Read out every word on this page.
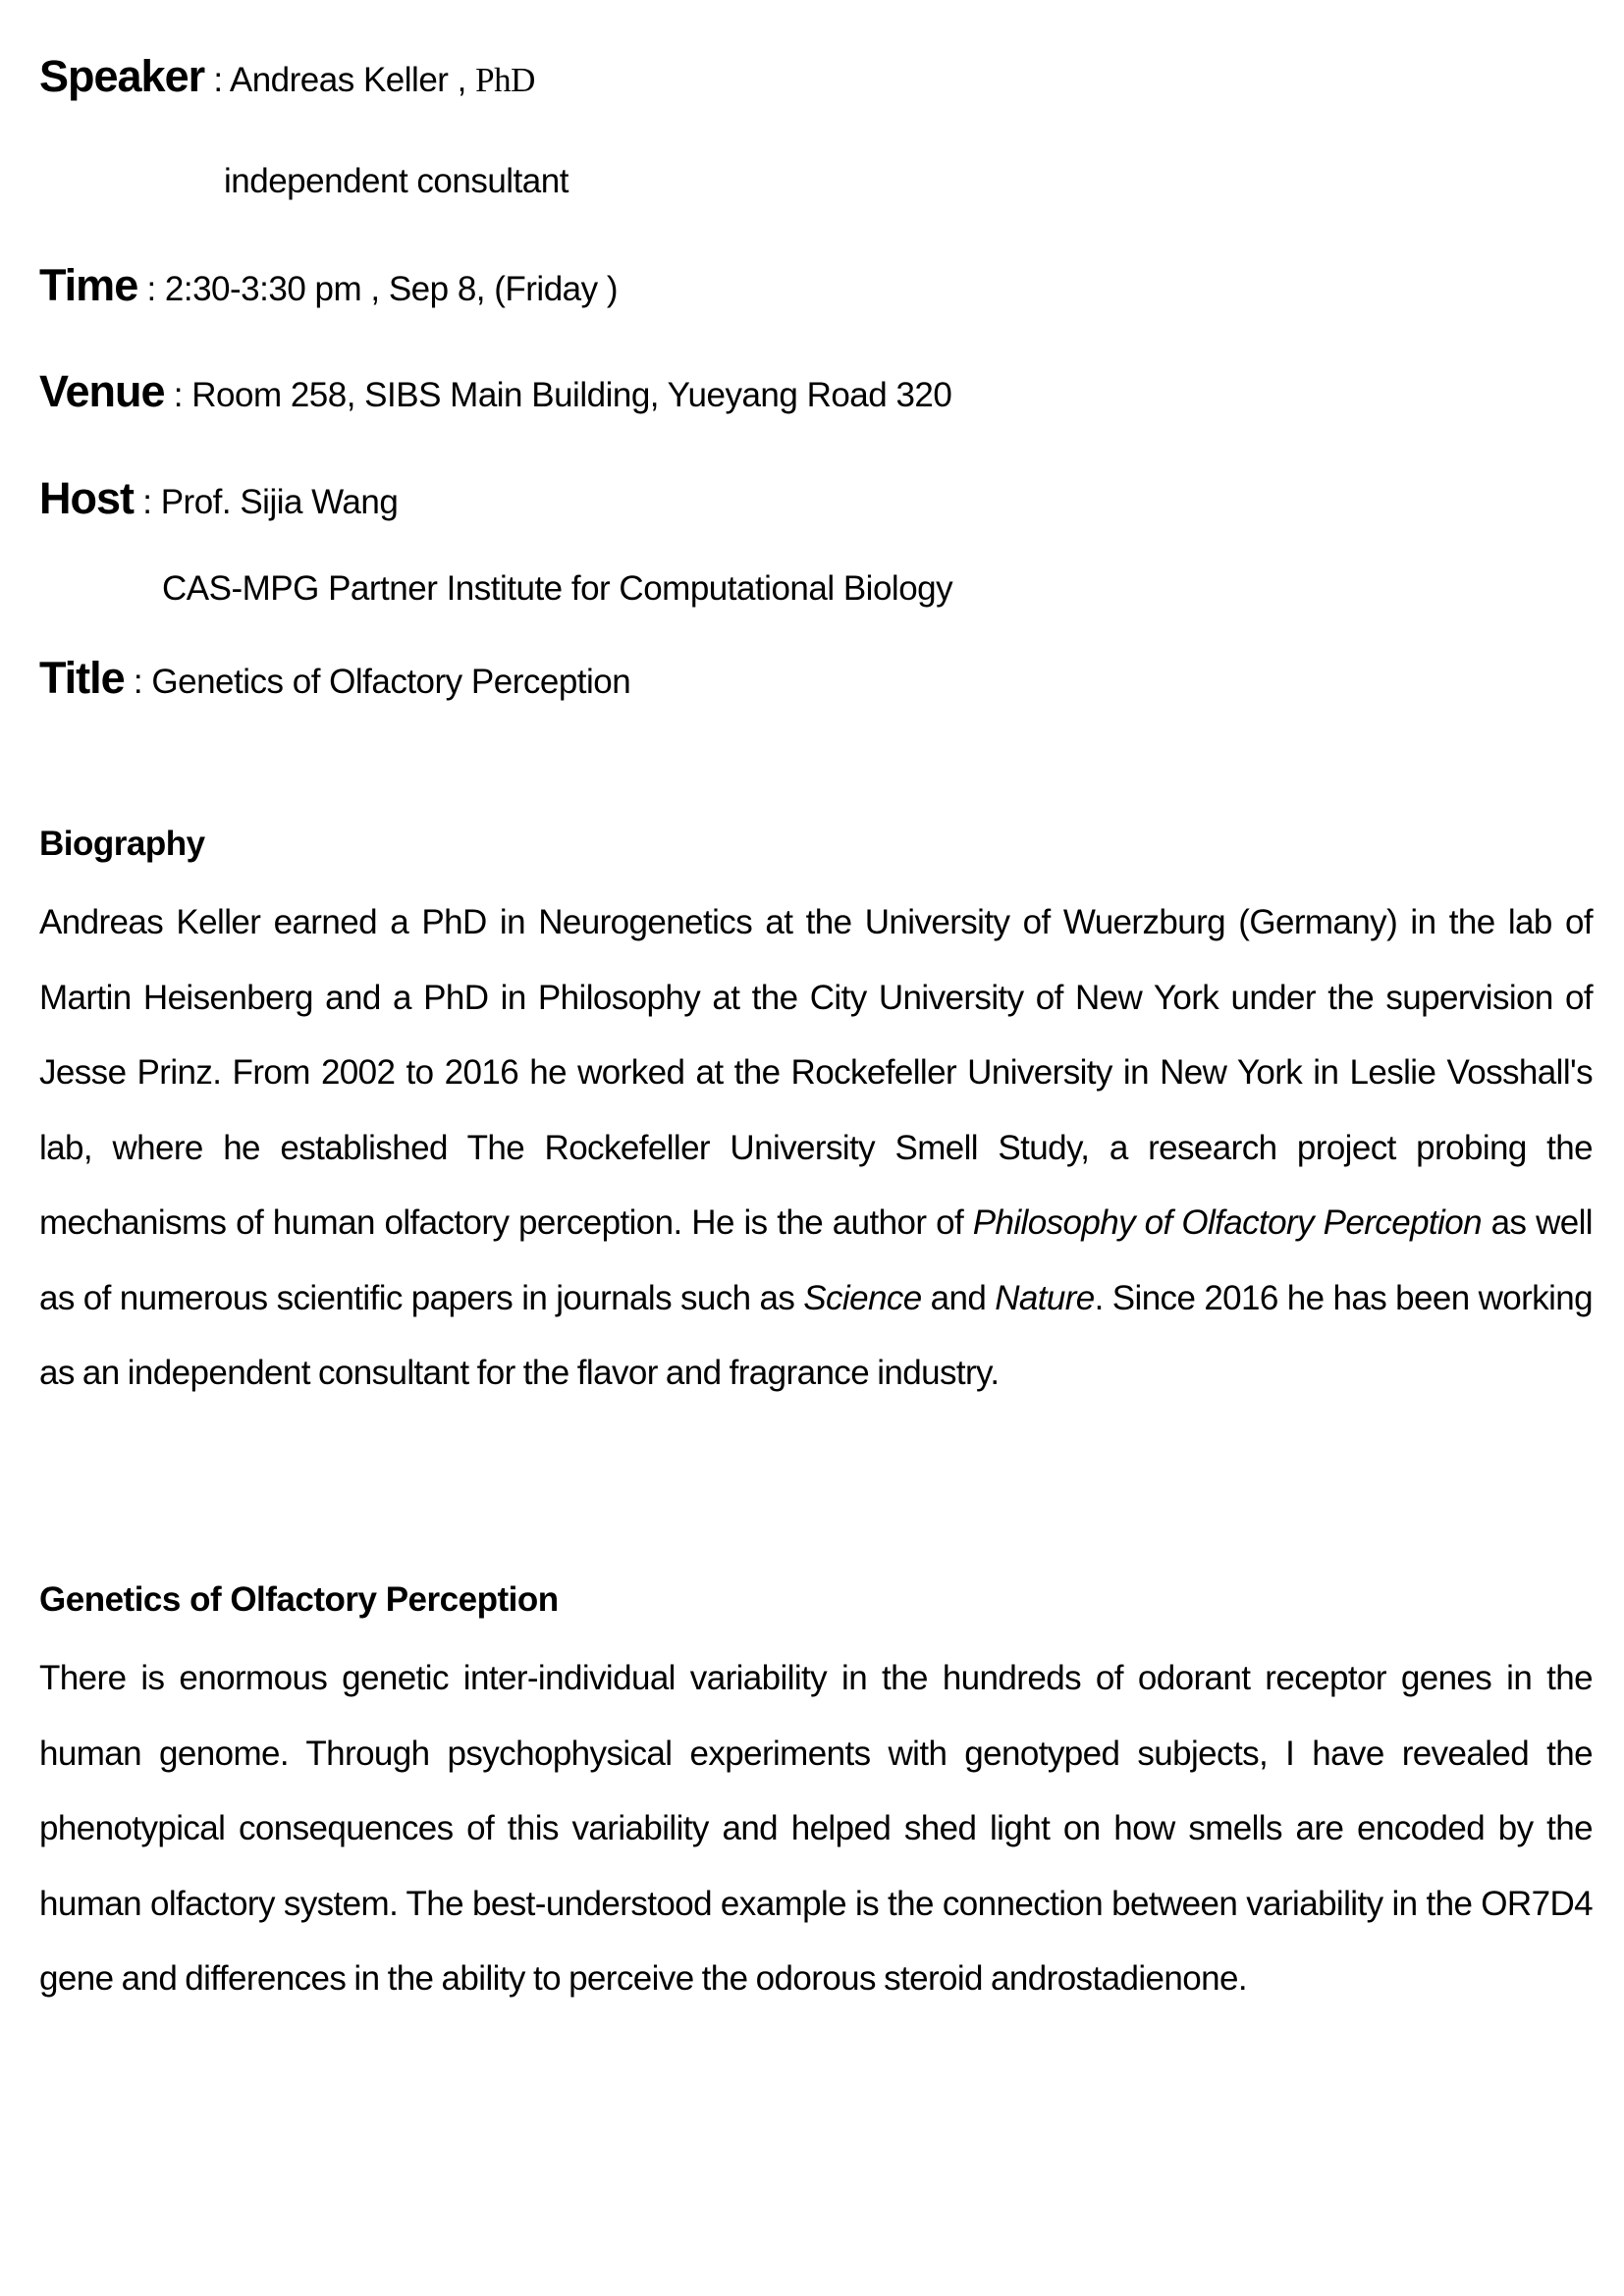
Speaker : Andreas Keller , PhD
independent consultant
Time : 2:30-3:30 pm , Sep 8, (Friday )
Venue : Room 258, SIBS Main Building, Yueyang Road 320
Host : Prof. Sijia Wang
CAS-MPG Partner Institute for Computational Biology
Title : Genetics of Olfactory Perception
Biography
Andreas Keller earned a PhD in Neurogenetics at the University of Wuerzburg (Germany) in the lab of Martin Heisenberg and a PhD in Philosophy at the City University of New York under the supervision of Jesse Prinz. From 2002 to 2016 he worked at the Rockefeller University in New York in Leslie Vosshall's lab, where he established The Rockefeller University Smell Study, a research project probing the mechanisms of human olfactory perception. He is the author of Philosophy of Olfactory Perception as well as of numerous scientific papers in journals such as Science and Nature. Since 2016 he has been working as an independent consultant for the flavor and fragrance industry.
Genetics of Olfactory Perception
There is enormous genetic inter-individual variability in the hundreds of odorant receptor genes in the human genome. Through psychophysical experiments with genotyped subjects, I have revealed the phenotypical consequences of this variability and helped shed light on how smells are encoded by the human olfactory system. The best-understood example is the connection between variability in the OR7D4 gene and differences in the ability to perceive the odorous steroid androstadienone.
